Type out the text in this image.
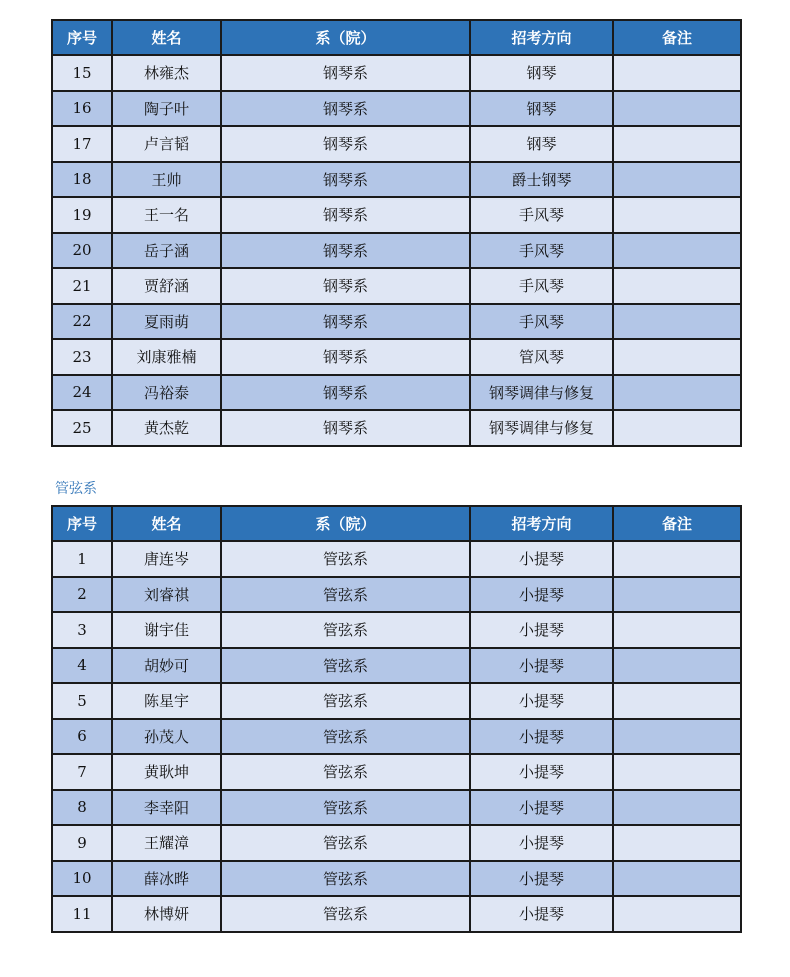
序号	姓名	系（院）	招考方向	备注
15	林雍杰	钢琴系	钢琴	
16	陶子叶	钢琴系	钢琴	
17	卢言韬	钢琴系	钢琴	
18	王帅	钢琴系	爵士钢琴	
19	王一名	钢琴系	手风琴	
20	岳子涵	钢琴系	手风琴	
21	贾舒涵	钢琴系	手风琴	
22	夏雨萌	钢琴系	手风琴	
23	刘康雅楠	钢琴系	管风琴	
24	冯裕泰	钢琴系	钢琴调律与修复	
25	黄杰乾	钢琴系	钢琴调律与修复	
管弦系
序号	姓名	系（院）	招考方向	备注
1	唐连岑	管弦系	小提琴	
2	刘睿祺	管弦系	小提琴	
3	谢宇佳	管弦系	小提琴	
4	胡妙可	管弦系	小提琴	
5	陈星宇	管弦系	小提琴	
6	孙茂人	管弦系	小提琴	
7	黄耿坤	管弦系	小提琴	
8	李幸阳	管弦系	小提琴	
9	王耀漳	管弦系	小提琴	
10	薛冰晔	管弦系	小提琴	
11	林博妍	管弦系	小提琴	
